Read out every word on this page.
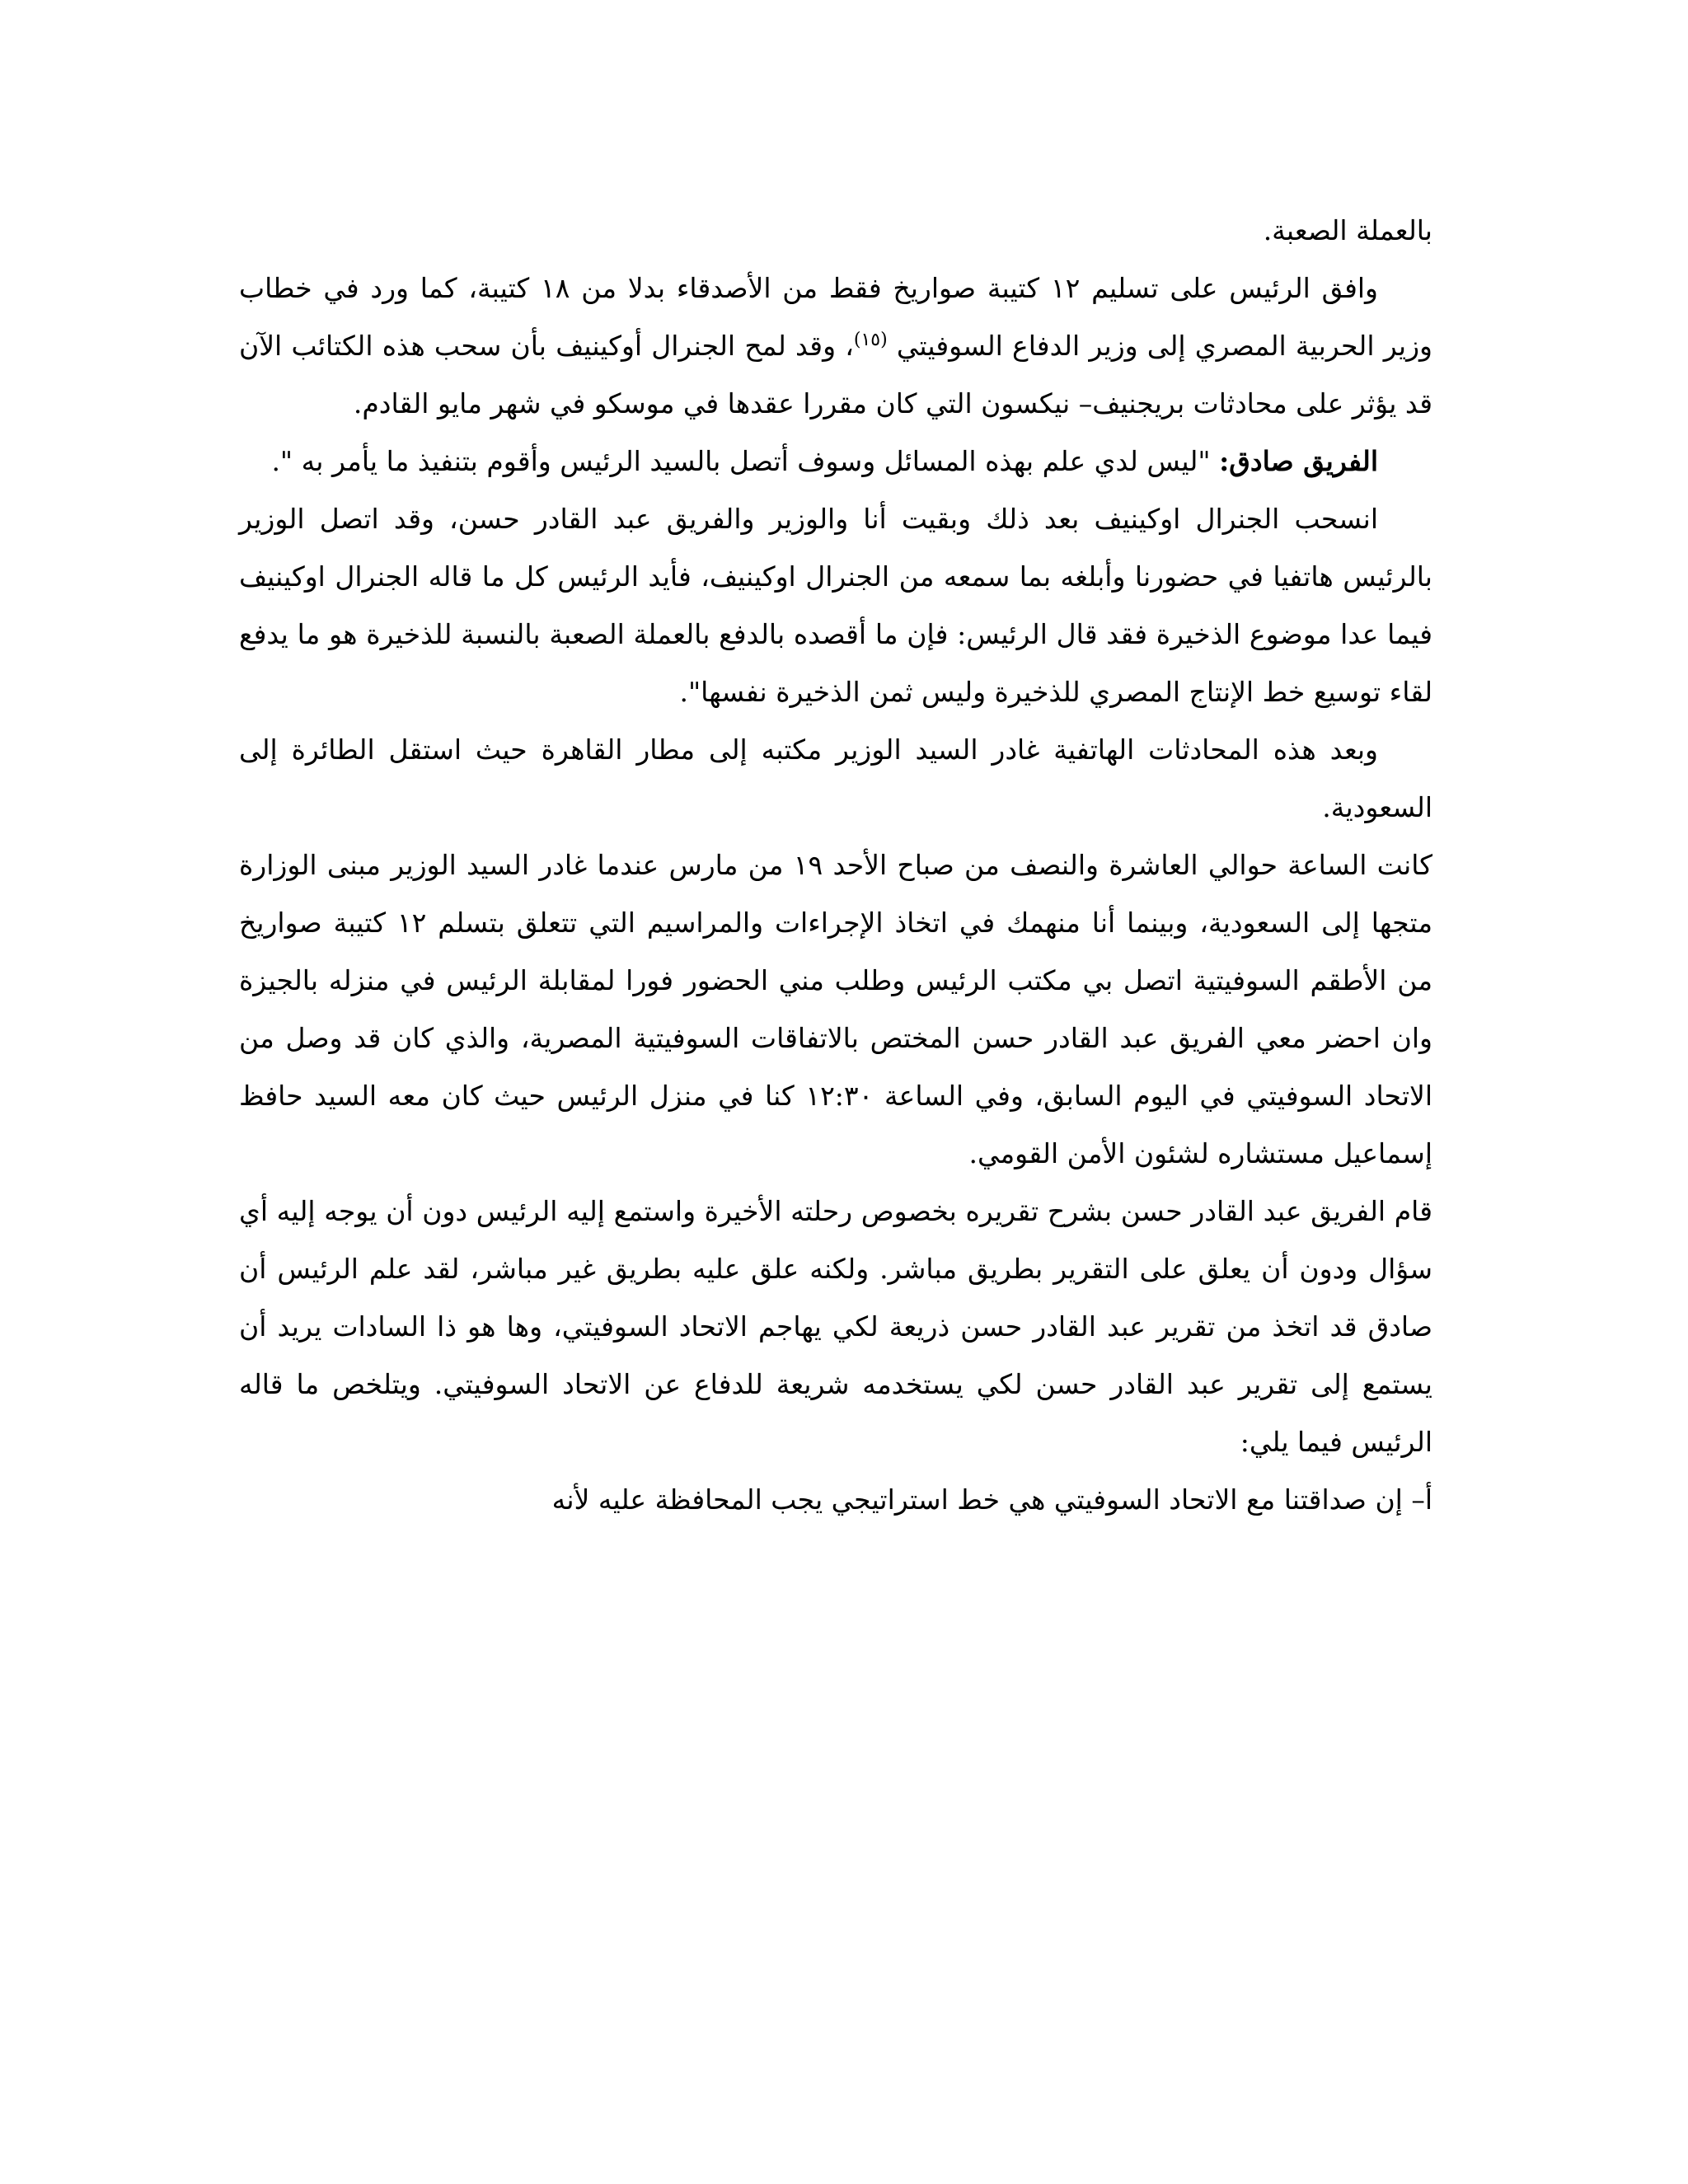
بالعملة الصعبة.

وافق الرئيس على تسليم ١٢ كتيبة صواريخ فقط من الأصدقاء بدلا من ١٨ كتيبة، كما ورد في خطاب وزير الحربية المصري إلى وزير الدفاع السوفيتي $^{(١٥)}$، وقد لمح الجنرال أوكينيف بأن سحب هذه الكتائب الآن قد يؤثر على محادثات بريجنيف– نيكسون التي كان مقررا عقدها في موسكو في شهر مايو القادم.

الفريق صادق: "ليس لدي علم بهذه المسائل وسوف أتصل بالسيد الرئيس وأقوم بتنفيذ ما يأمر به ".

انسحب الجنرال اوكينيف بعد ذلك وبقيت أنا والوزير والفريق عبد القادر حسن، وقد اتصل الوزير بالرئيس هاتفيا في حضورنا وأبلغه بما سمعه من الجنرال اوكينيف، فأيد الرئيس كل ما قاله الجنرال اوكينيف فيما عدا موضوع الذخيرة فقد قال الرئيس: فإن ما أقصده بالدفع بالعملة الصعبة بالنسبة للذخيرة هو ما يدفع لقاء توسيع خط الإنتاج المصري للذخيرة وليس ثمن الذخيرة نفسها".

وبعد هذه المحادثات الهاتفية غادر السيد الوزير مكتبه إلى مطار القاهرة حيث استقل الطائرة إلى السعودية.

كانت الساعة حوالي العاشرة والنصف من صباح الأحد ١٩ من مارس عندما غادر السيد الوزير مبنى الوزارة متجها إلى السعودية، وبينما أنا منهمك في اتخاذ الإجراءات والمراسيم التي تتعلق بتسلم ١٢ كتيبة صواريخ من الأطقم السوفيتية اتصل بي مكتب الرئيس وطلب مني الحضور فورا لمقابلة الرئيس في منزله بالجيزة وان احضر معي الفريق عبد القادر حسن المختص بالاتفاقات السوفيتية المصرية، والذي كان قد وصل من الاتحاد السوفيتي في اليوم السابق، وفي الساعة ١٢:٣٠ كنا في منزل الرئيس حيث كان معه السيد حافظ إسماعيل مستشاره لشئون الأمن القومي.

قام الفريق عبد القادر حسن بشرح تقريره بخصوص رحلته الأخيرة واستمع إليه الرئيس دون أن يوجه إليه أي سؤال ودون أن يعلق على التقرير بطريق مباشر. ولكنه علق عليه بطريق غير مباشر، لقد علم الرئيس أن صادق قد اتخذ من تقرير عبد القادر حسن ذريعة لكي يهاجم الاتحاد السوفيتي، وها هو ذا السادات يريد أن يستمع إلى تقرير عبد القادر حسن لكي يستخدمه شريعة للدفاع عن الاتحاد السوفيتي. ويتلخص ما قاله الرئيس فيما يلي:

أ– إن صداقتنا مع الاتحاد السوفيتي هي خط استراتيجي يجب المحافظة عليه لأنه
